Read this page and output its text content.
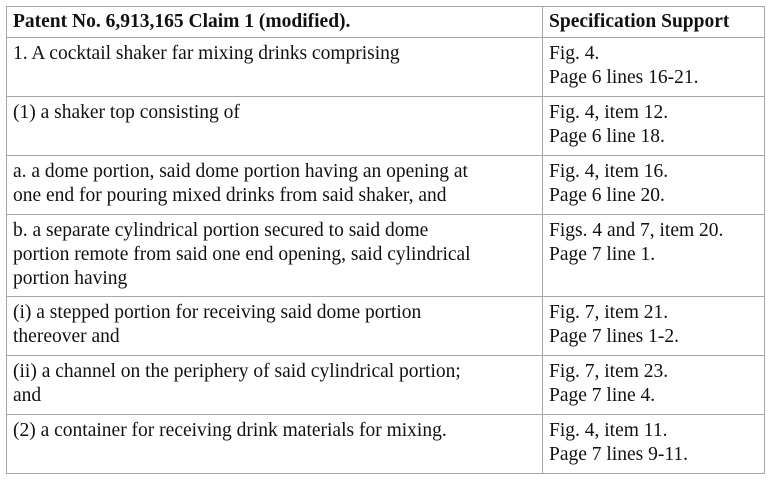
Patent No. 6,913,165 Claim 1 (modified).	Specification Support

1. A cocktail shaker far mixing drinks comprising	Fig. 4.
Page 6 lines 16-21.

(1) a shaker top consisting of	Fig. 4, item 12.
Page 6 line 18.

a. a dome portion, said dome portion having an opening at
one end for pouring mixed drinks from said shaker, and	Fig. 4, item 16.
Page 6 line 20.

b. a separate cylindrical portion secured to said dome
portion remote from said one end opening, said cylindrical
portion having	Figs. 4 and 7, item 20.
Page 7 line 1.

(i) a stepped portion for receiving said dome portion
thereover and	Fig. 7, item 21.
Page 7 lines 1-2.

(ii) a channel on the periphery of said cylindrical portion;
and	Fig. 7, item 23.
Page 7 line 4.

(2) a container for receiving drink materials for mixing.	Fig. 4, item 11.
Page 7 lines 9-11.
